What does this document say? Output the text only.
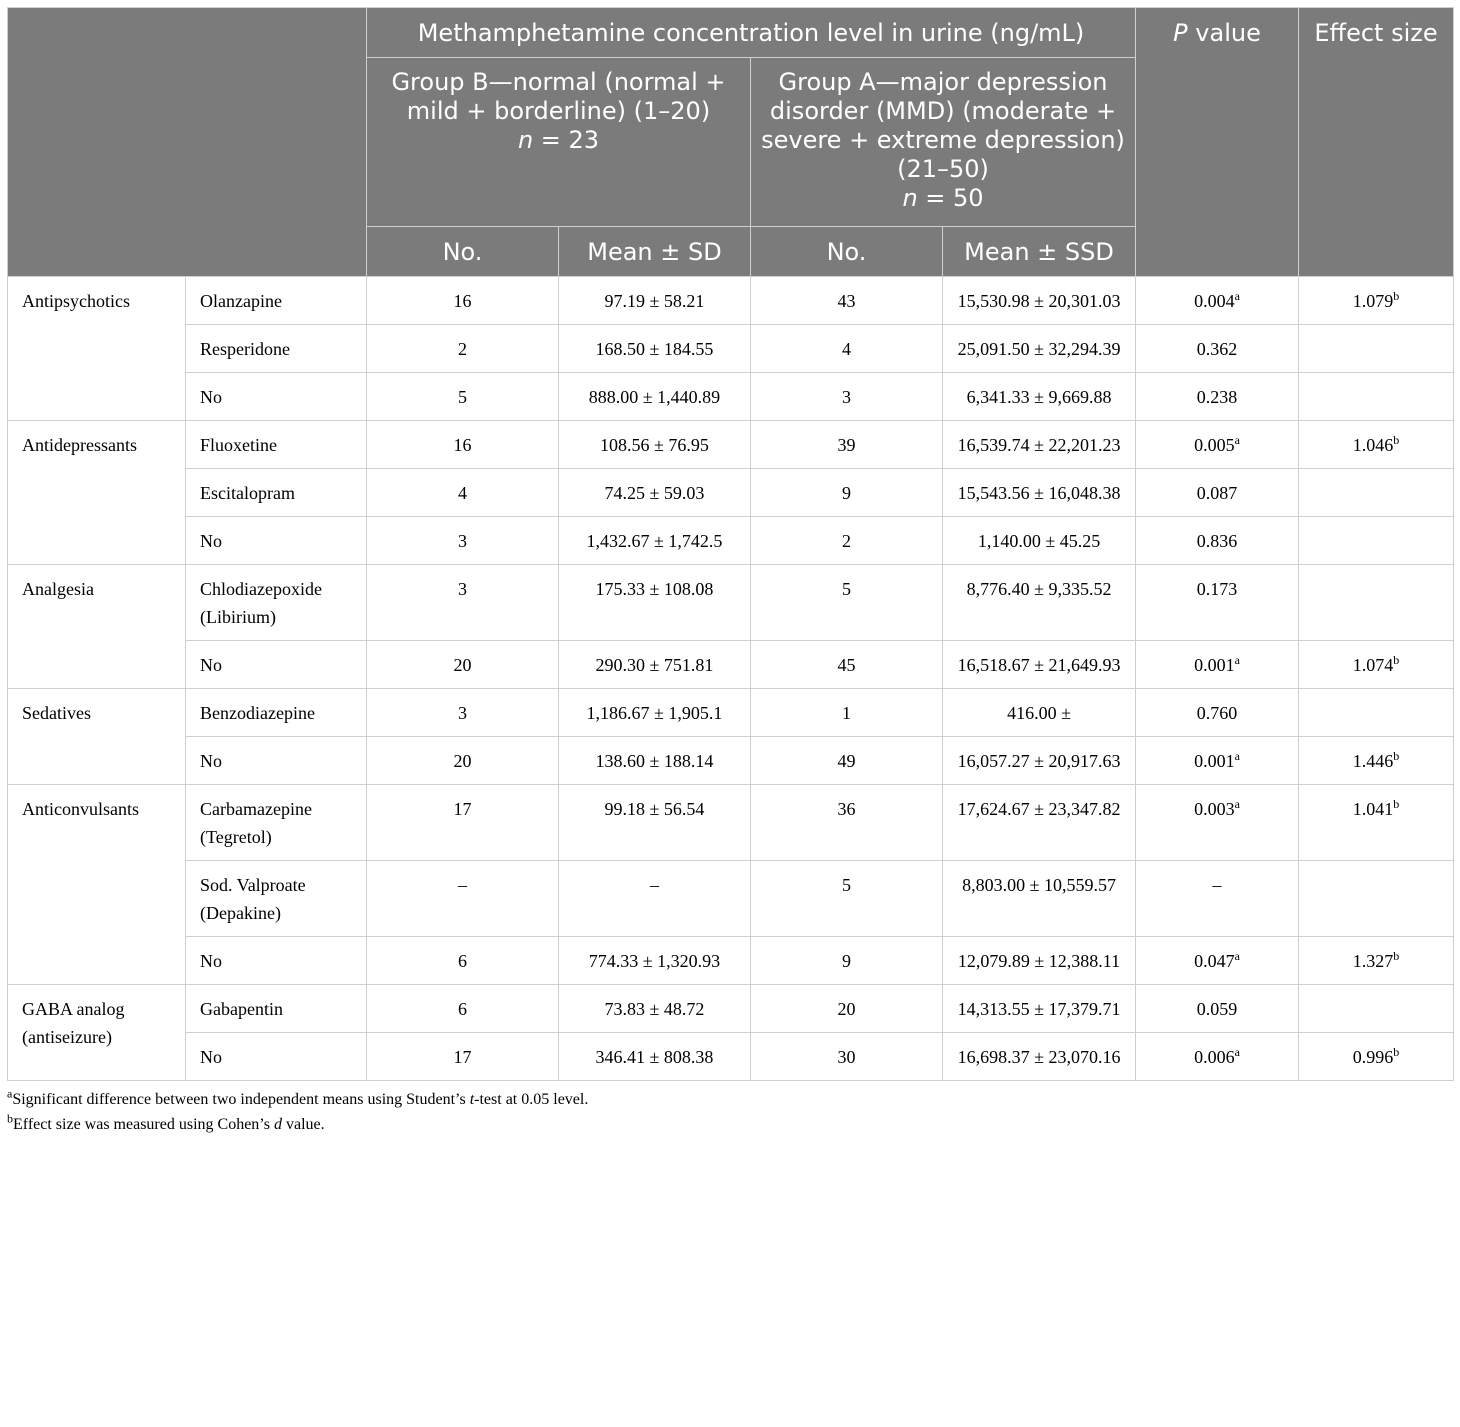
		Methamphetamine concentration level in urine (ng/mL)				P value	Effect size
		Group B—normal (normal + mild + borderline) (1–20)
n = 23		Group A—major depression disorder (MMD) (moderate + severe + extreme depression) (21–50)
n = 50			
		No.	Mean ± SD	No.	Mean ± SSD		
Antipsychotics	Olanzapine	16	97.19 ± 58.21	43	15,530.98 ± 20,301.03	0.004$^a$	1.079$^b$
	Resperidone	2	168.50 ± 184.55	4	25,091.50 ± 32,294.39	0.362	
	No	5	888.00 ± 1,440.89	3	6,341.33 ± 9,669.88	0.238	
Antidepressants	Fluoxetine	16	108.56 ± 76.95	39	16,539.74 ± 22,201.23	0.005$^a$	1.046$^b$
	Escitalopram	4	74.25 ± 59.03	9	15,543.56 ± 16,048.38	0.087	
	No	3	1,432.67 ± 1,742.5	2	1,140.00 ± 45.25	0.836	
Analgesia	Chlodiazepoxide (Libirium)	3	175.33 ± 108.08	5	8,776.40 ± 9,335.52	0.173	
	No	20	290.30 ± 751.81	45	16,518.67 ± 21,649.93	0.001$^a$	1.074$^b$
Sedatives	Benzodiazepine	3	1,186.67 ± 1,905.1	1	416.00 ±	0.760	
	No	20	138.60 ± 188.14	49	16,057.27 ± 20,917.63	0.001$^a$	1.446$^b$
Anticonvulsants	Carbamazepine (Tegretol)	17	99.18 ± 56.54	36	17,624.67 ± 23,347.82	0.003$^a$	1.041$^b$
	Sod. Valproate (Depakine)	–	–	5	8,803.00 ± 10,559.57	–	
	No	6	774.33 ± 1,320.93	9	12,079.89 ± 12,388.11	0.047$^a$	1.327$^b$
GABA analog (antiseizure)	Gabapentin	6	73.83 ± 48.72	20	14,313.55 ± 17,379.71	0.059	
	No	17	346.41 ± 808.38	30	16,698.37 ± 23,070.16	0.006$^a$	0.996$^b$
$^a$Significant difference between two independent means using Student’s t-test at 0.05 level.
$^b$Effect size was measured using Cohen’s d value.
